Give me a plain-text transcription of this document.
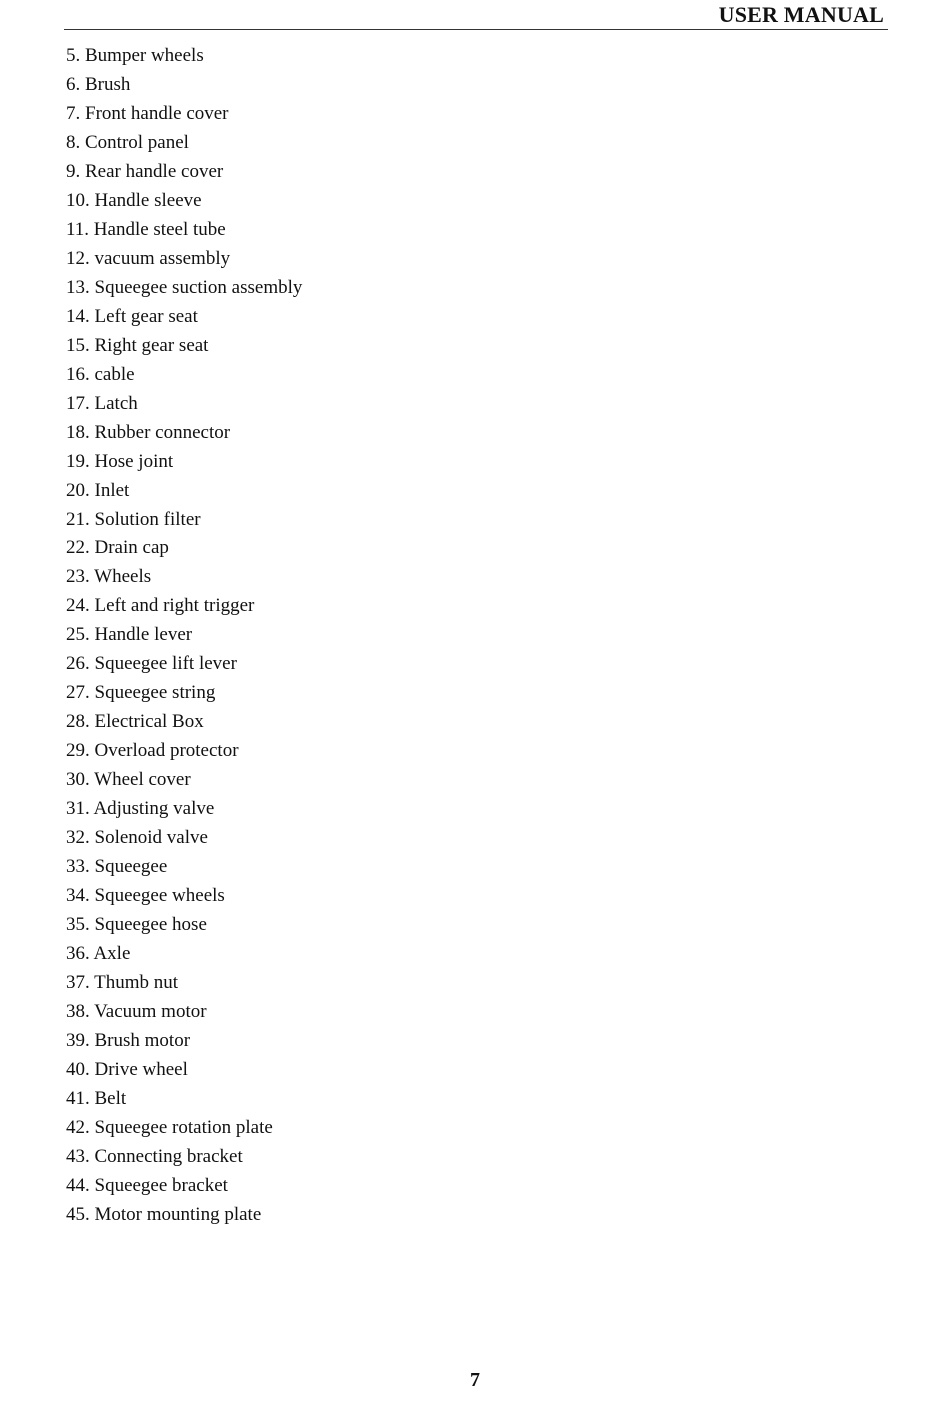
USER MANUAL
5. Bumper wheels
6. Brush
7. Front handle cover
8. Control panel
9. Rear handle cover
10. Handle sleeve
11. Handle steel tube
12. vacuum assembly
13. Squeegee suction assembly
14. Left gear seat
15. Right gear seat
16. cable
17. Latch
18. Rubber connector
19. Hose joint
20. Inlet
21. Solution filter
22. Drain cap
23. Wheels
24. Left and right trigger
25. Handle lever
26. Squeegee lift lever
27. Squeegee string
28. Electrical Box
29. Overload protector
30. Wheel cover
31. Adjusting valve
32. Solenoid valve
33. Squeegee
34. Squeegee wheels
35. Squeegee hose
36. Axle
37. Thumb nut
38. Vacuum motor
39. Brush motor
40. Drive wheel
41. Belt
42. Squeegee rotation plate
43. Connecting bracket
44. Squeegee bracket
45. Motor mounting plate
7
